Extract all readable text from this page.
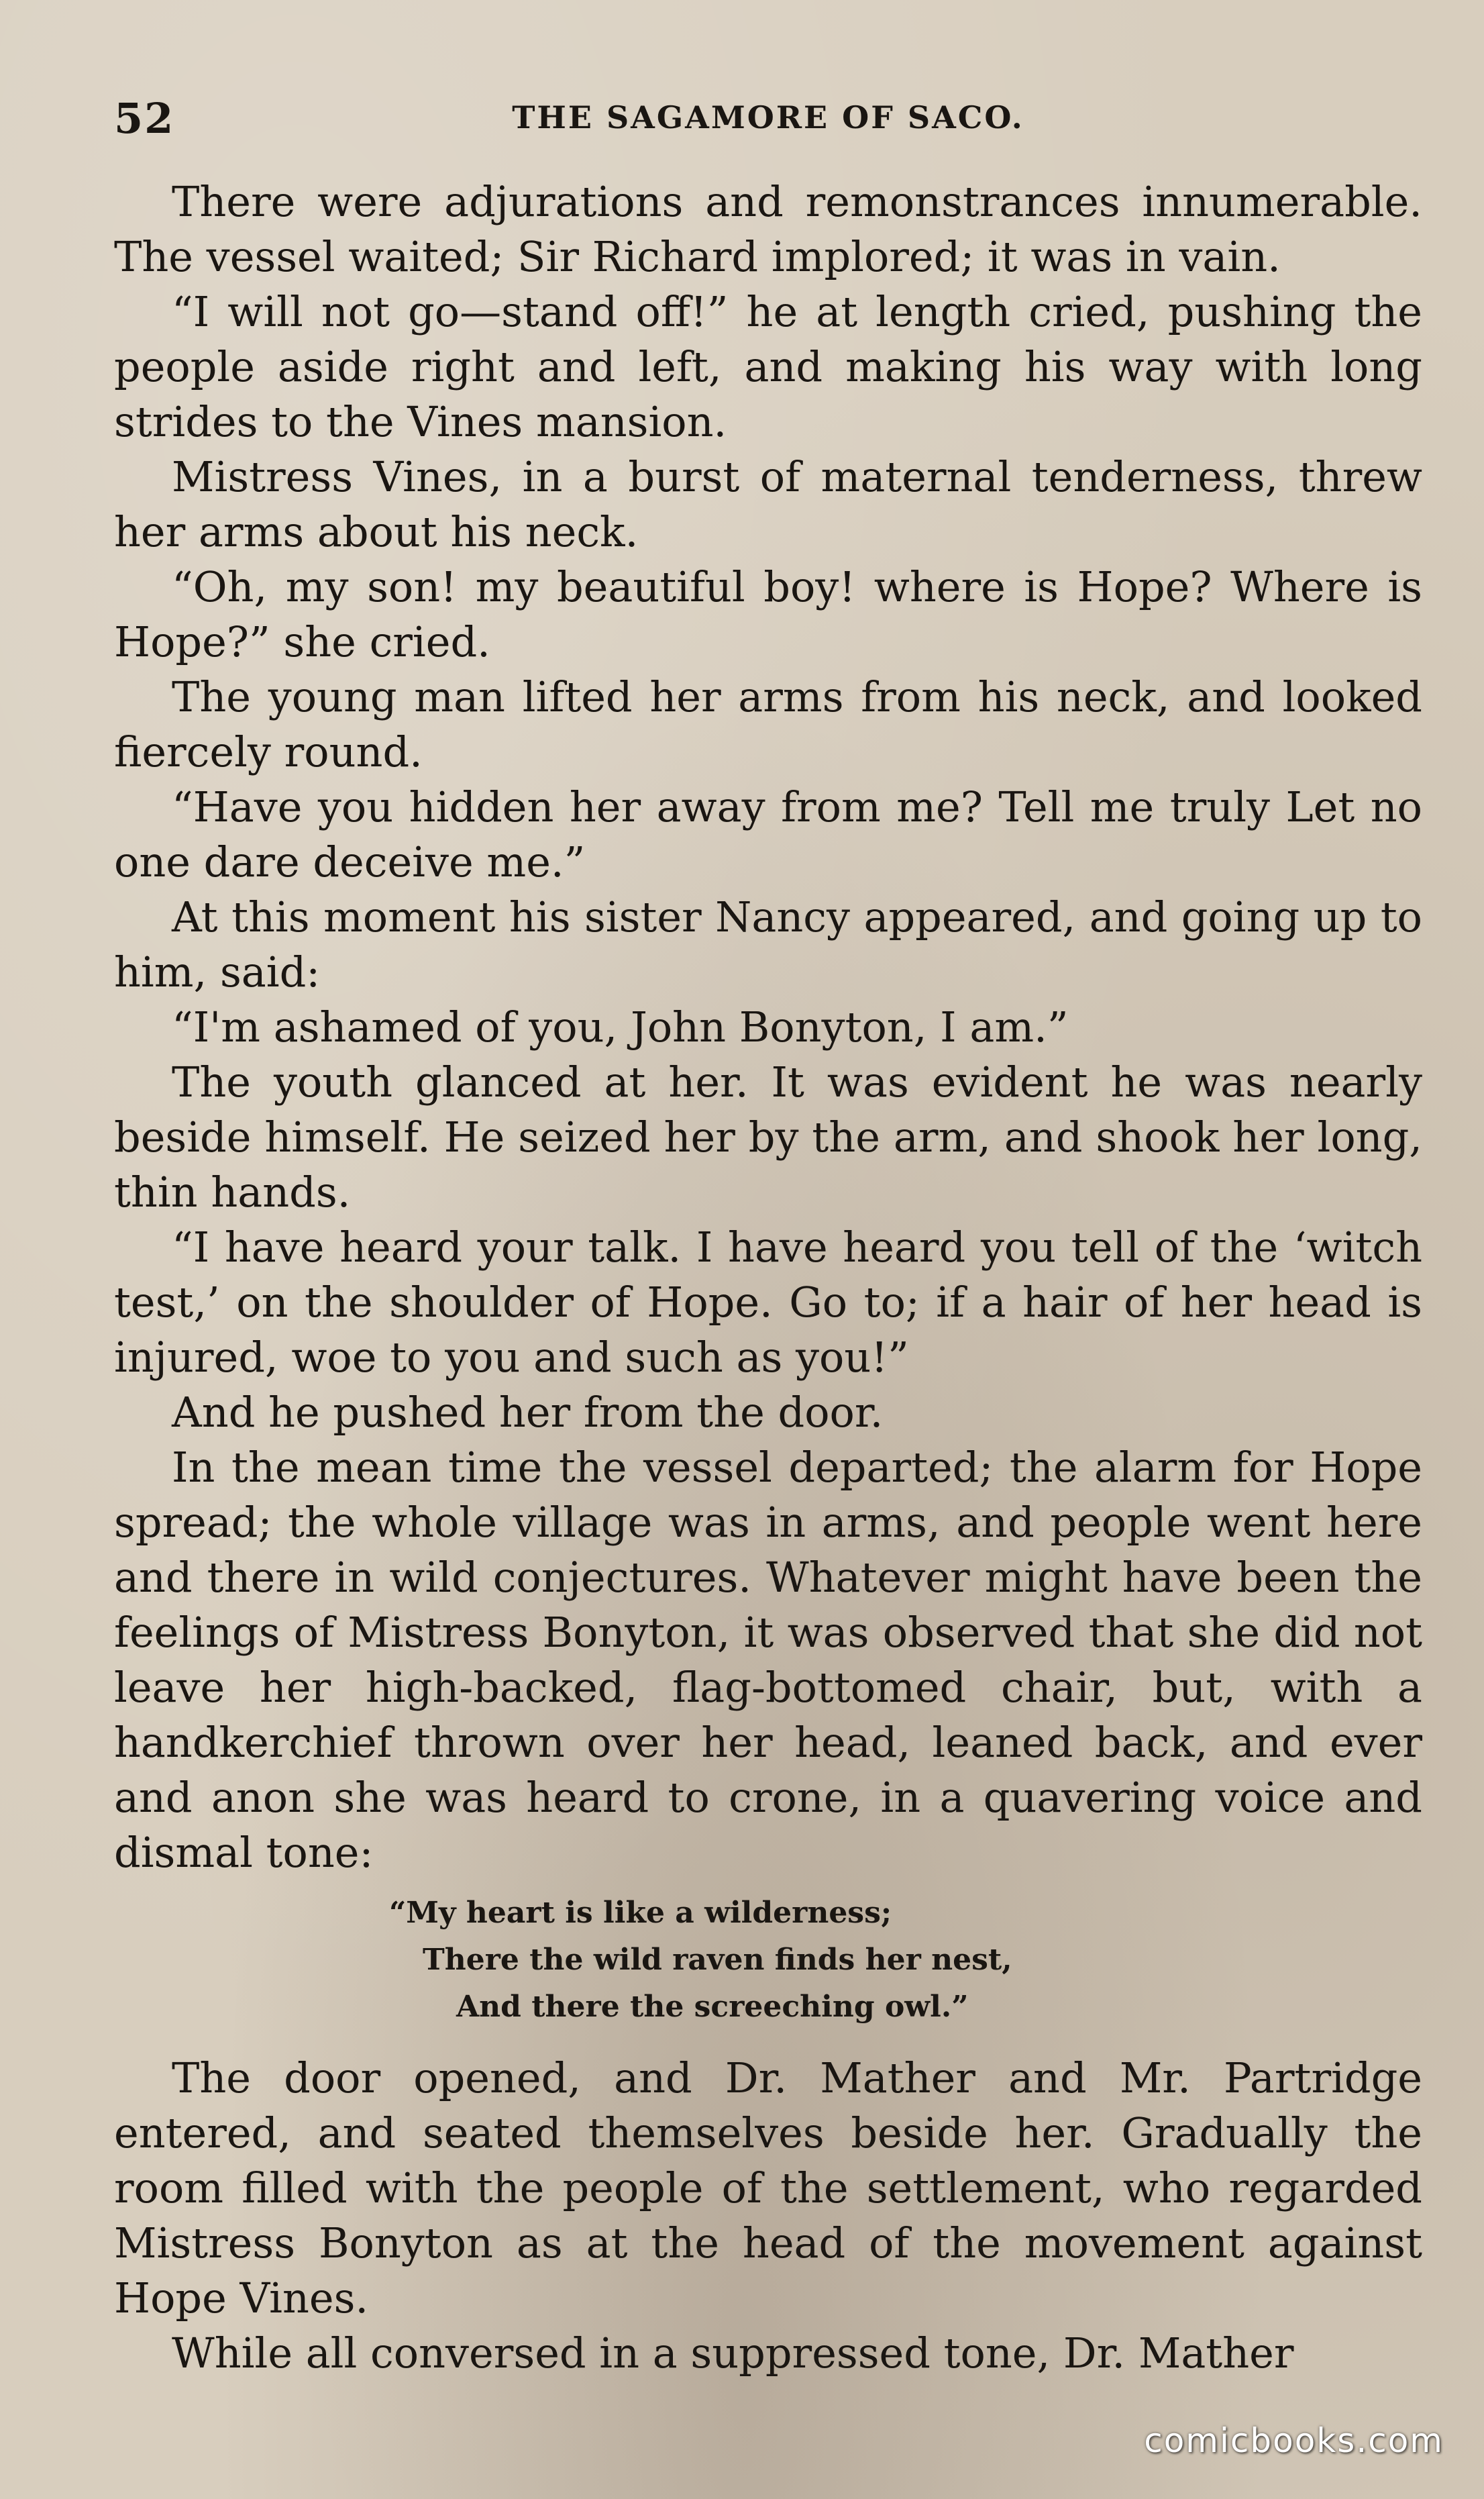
52	THE SAGAMORE OF SACO.

There were adjurations and remonstrances innumerable. The vessel waited; Sir Richard implored; it was in vain.

“I will not go—stand off!” he at length cried, pushing the people aside right and left, and making his way with long strides to the Vines mansion.

Mistress Vines, in a burst of maternal tenderness, threw her arms about his neck.

“Oh, my son! my beautiful boy! where is Hope? Where is Hope?” she cried.

The young man lifted her arms from his neck, and looked fiercely round.

“Have you hidden her away from me? Tell me truly Let no one dare deceive me.”

At this moment his sister Nancy appeared, and going up to him, said:

“I'm ashamed of you, John Bonyton, I am.”

The youth glanced at her. It was evident he was nearly beside himself. He seized her by the arm, and shook her long, thin hands.

“I have heard your talk. I have heard you tell of the ‘witch test,’ on the shoulder of Hope. Go to; if a hair of her head is injured, woe to you and such as you!”

And he pushed her from the door.

In the mean time the vessel departed; the alarm for Hope spread; the whole village was in arms, and people went here and there in wild conjectures. Whatever might have been the feelings of Mistress Bonyton, it was observed that she did not leave her high-backed, flag-bottomed chair, but, with a handkerchief thrown over her head, leaned back, and ever and anon she was heard to crone, in a quavering voice and dismal tone:

“My heart is like a wilderness;
There the wild raven finds her nest,
And there the screeching owl.”

The door opened, and Dr. Mather and Mr. Partridge entered, and seated themselves beside her. Gradually the room filled with the people of the settlement, who regarded Mistress Bonyton as at the head of the movement against Hope Vines.

While all conversed in a suppressed tone, Dr. Mather

comicbooks.com
